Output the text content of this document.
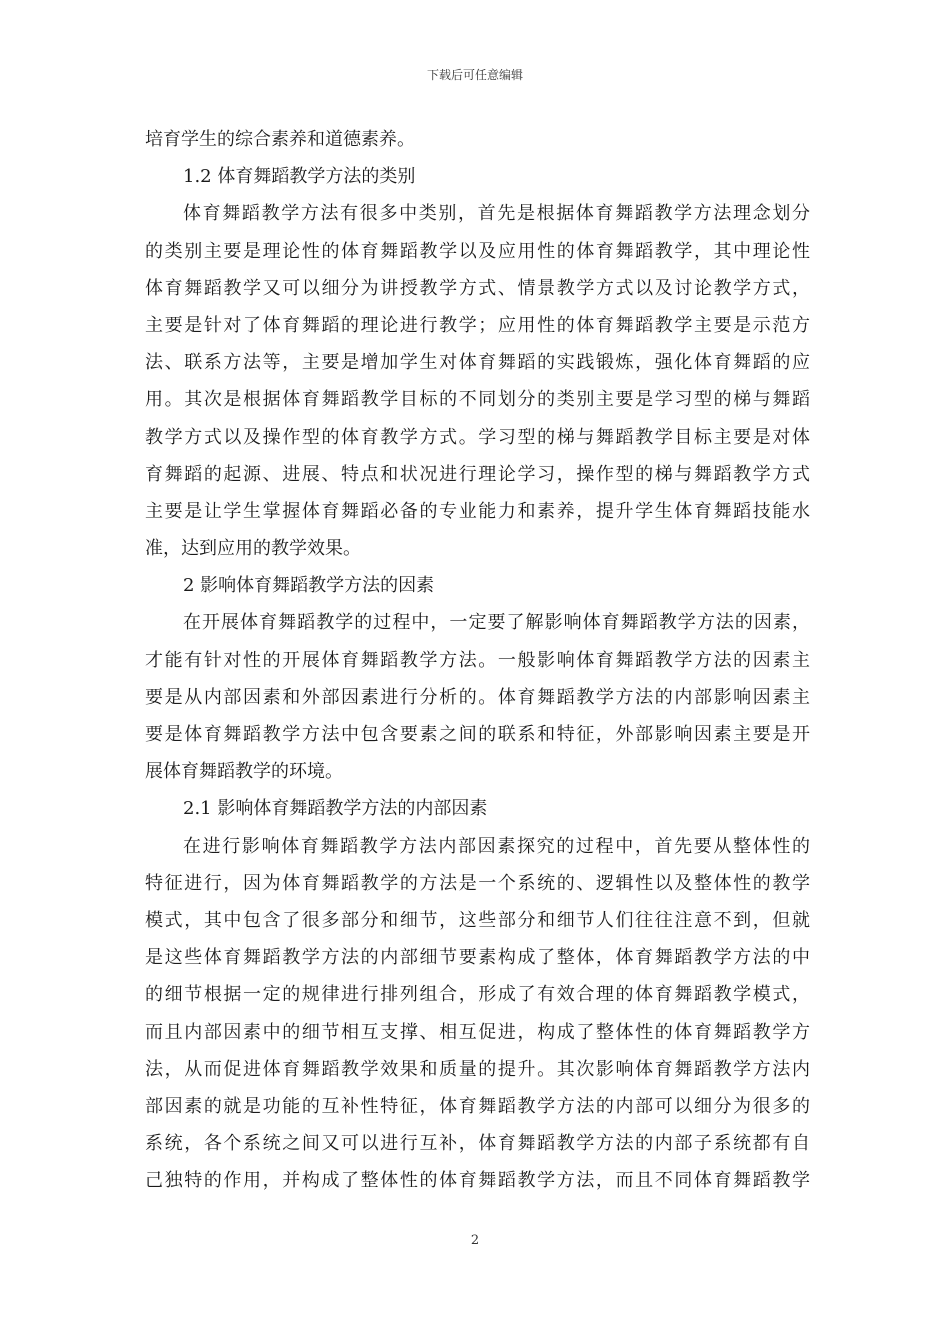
下载后可任意编辑
培育学生的综合素养和道德素养。
1.2 体育舞蹈教学方法的类别
体育舞蹈教学方法有很多中类别，首先是根据体育舞蹈教学方法理念划分
的类别主要是理论性的体育舞蹈教学以及应用性的体育舞蹈教学，其中理论性
体育舞蹈教学又可以细分为讲授教学方式、情景教学方式以及讨论教学方式，
主要是针对了体育舞蹈的理论进行教学；应用性的体育舞蹈教学主要是示范方
法、联系方法等，主要是增加学生对体育舞蹈的实践锻炼，强化体育舞蹈的应
用。其次是根据体育舞蹈教学目标的不同划分的类别主要是学习型的梯与舞蹈
教学方式以及操作型的体育教学方式。学习型的梯与舞蹈教学目标主要是对体
育舞蹈的起源、进展、特点和状况进行理论学习，操作型的梯与舞蹈教学方式
主要是让学生掌握体育舞蹈必备的专业能力和素养，提升学生体育舞蹈技能水
准，达到应用的教学效果。
2 影响体育舞蹈教学方法的因素
在开展体育舞蹈教学的过程中，一定要了解影响体育舞蹈教学方法的因素，
才能有针对性的开展体育舞蹈教学方法。一般影响体育舞蹈教学方法的因素主
要是从内部因素和外部因素进行分析的。体育舞蹈教学方法的内部影响因素主
要是体育舞蹈教学方法中包含要素之间的联系和特征，外部影响因素主要是开
展体育舞蹈教学的环境。
2.1 影响体育舞蹈教学方法的内部因素
在进行影响体育舞蹈教学方法内部因素探究的过程中，首先要从整体性的
特征进行，因为体育舞蹈教学的方法是一个系统的、逻辑性以及整体性的教学
模式，其中包含了很多部分和细节，这些部分和细节人们往往注意不到，但就
是这些体育舞蹈教学方法的内部细节要素构成了整体，体育舞蹈教学方法的中
的细节根据一定的规律进行排列组合，形成了有效合理的体育舞蹈教学模式，
而且内部因素中的细节相互支撑、相互促进，构成了整体性的体育舞蹈教学方
法，从而促进体育舞蹈教学效果和质量的提升。其次影响体育舞蹈教学方法内
部因素的就是功能的互补性特征，体育舞蹈教学方法的内部可以细分为很多的
系统，各个系统之间又可以进行互补，体育舞蹈教学方法的内部子系统都有自
己独特的作用，并构成了整体性的体育舞蹈教学方法，而且不同体育舞蹈教学
2
